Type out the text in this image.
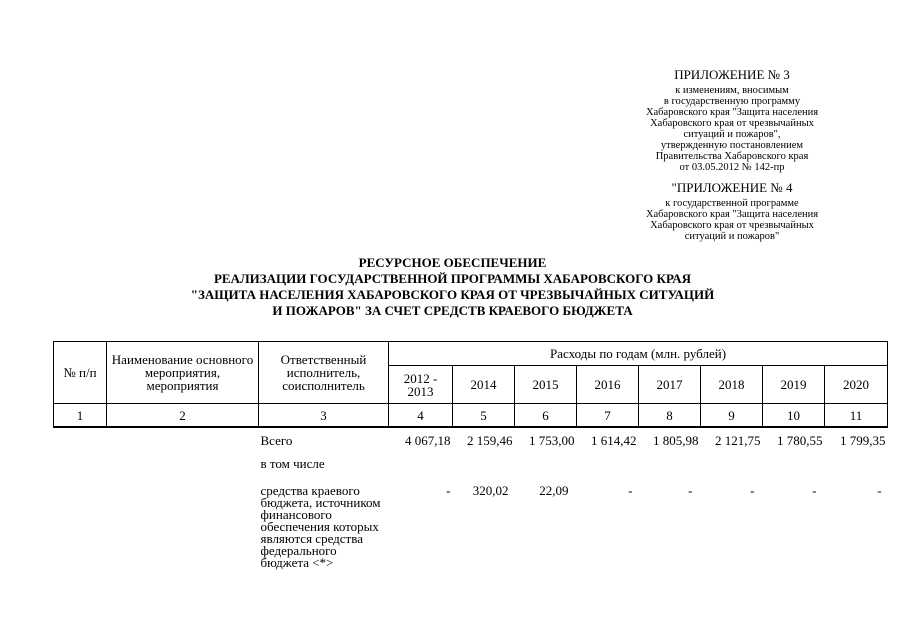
ПРИЛОЖЕНИЕ № 3
к изменениям, вносимым
в государственную программу
Хабаровского края "Защита населения
Хабаровского края от чрезвычайных
ситуаций и пожаров",
утвержденную постановлением
Правительства Хабаровского края
от 03.05.2012 № 142-пр
"ПРИЛОЖЕНИЕ № 4
к государственной программе
Хабаровского края "Защита населения
Хабаровского края от чрезвычайных
ситуаций и пожаров"
РЕСУРСНОЕ ОБЕСПЕЧЕНИЕ
РЕАЛИЗАЦИИ ГОСУДАРСТВЕННОЙ ПРОГРАММЫ ХАБАРОВСКОГО КРАЯ
"ЗАЩИТА НАСЕЛЕНИЯ ХАБАРОВСКОГО КРАЯ ОТ ЧРЕЗВЫЧАЙНЫХ СИТУАЦИЙ
И ПОЖАРОВ" ЗА СЧЕТ СРЕДСТВ КРАЕВОГО БЮДЖЕТА
№ п/п	Наименование основного мероприятия, мероприятия	Ответственный исполнитель, соисполнитель	Расходы по годам (млн. рублей)							
			2012 - 2013	2014	2015	2016	2017	2018	2019	2020
1	2	3	4	5	6	7	8	9	10	11
		Всего	4 067,18	2 159,46	1 753,00	1 614,42	1 805,98	2 121,75	1 780,55	1 799,35
		в том числе								
		средства краевого бюджета, источником финансового обеспечения которых являются средства федерального бюджета <*>	-	320,02	22,09	-	-	-	-	-
